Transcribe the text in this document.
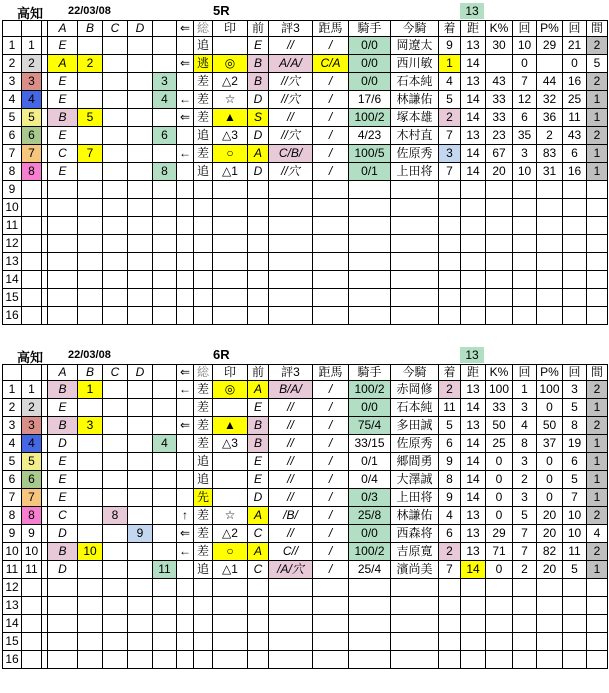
高知 22/03/08	5R	13
			A	B	C	D		⇐	総	印	前	評3	距馬	騎手	今騎	着	距	K%	回	P%	回	間
1	1		E						追		E	//	/	0/0	岡遼太	9	13	30	10	29	21	2
2	2		A	2				⇐	逃	◎	B	A/A/	C/A	0/0	西川敏	1	14		0		0	5
3	3		E				3		差	△2	B	//穴	/	0/0	石本純	4	13	43	7	44	16	2
4	4		E				4	←	差	☆	D	//穴	/	17/6	林謙佑	5	14	33	12	32	25	1
5	5		B	5				⇐	差	▲	S	//	/	100/2	塚本雄	2	14	33	6	36	11	1
6	6		E				6		追	△3	D	//穴	/	4/23	木村直	7	13	23	35	2	43	2
7	7		C	7				←	差	○	A	C/B/	/	100/5	佐原秀	3	14	67	3	83	6	1
8	8		E				8		追	△1	D	//穴	/	0/1	上田将	7	14	20	10	31	16	1
9																						
10																						
11																						
12																						
13																						
14																						
15																						
16																						
高知 22/03/08	6R	13
			A	B	C	D		⇐	総	印	前	評3	距馬	騎手	今騎	着	距	K%	回	P%	回	間
1	1		B	1				←	差	◎	A	B/A/	/	100/2	赤岡修	2	13	100	1	100	3	2
2	2		E						差		E	//	/	0/0	石本純	11	14	33	3	0	5	1
3	3		B	3				⇐	差	▲	B	//	/	75/4	多田誠	5	13	50	4	50	8	2
4	4		D				4		差	△3	B	//	/	33/15	佐原秀	6	14	25	8	37	19	1
5	5		E						追		E	//	/	0/1	郷間勇	9	14	0	3	0	6	1
6	6		E						追		E	//	/	0/4	大澤誠	8	14	0	2	0	5	1
7	7		E						先		D	//	/	0/3	上田将	9	14	0	3	0	7	1
8	8		C		8			↑	差	☆	A	/B/	/	25/8	林謙佑	4	13	0	5	20	10	2
9	9		D			9		⇐	差	△2	C	//	/	0/0	西森将	6	13	29	7	20	10	4
10	10		B	10				←	差	○	A	C//	/	100/2	吉原寛	2	13	71	7	82	11	2
11	11		D				11		追	△1	C	/A/穴	/	25/4	濱尚美	7	14	0	2	20	5	1
12																						
13																						
14																						
15																						
16																						
